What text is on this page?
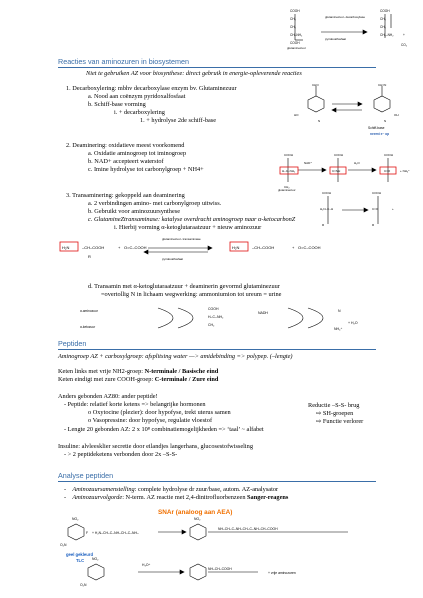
COOH
CH₂
CH₂
CH–NH₂
COOH
COOH
CH₂
CH₂
CH₂–NH₂	+
CO₂
glutaminezuur- decarboxylase
pyridoxalfosfaat
glutaminezuur
Reacties van aminozuren in biosystemen
Niet te gebruiken AZ voor biosynthese: direct gebruik in energie-opleverende reacties
1. Decarboxylering: mbhv decarboxylase enzym bv. Glutaminezuur
a. Nood aan coënzym pyridoxalfosfaat
b. Schiff-base vorming
i. + decarboxylering
1. + hydrolyse 2de schiff-base
CHO	CH=N
HO	OH
N	N
Schiff-base
neemt e⁻ op
2. Deaminering: oxidatieve meest voorkomend
a. Oxidatie aminogroep tot iminogroep
b. NAD+ accepteert waterstof
c. Imine hydrolyse tot carbonylgroep + NH4+
COOH
H–C–NH₂
CH₂
COOH
C=NH
COOH
C=O
NAD⁺	H₂O
+ NH₄⁺
glutaminezuur
3. Transaminering: gekoppeld aan deaminering
a. 2 verbindingen amino- met carbonylgroep uitwiss.
b. Gebruikt voor aminozuursynthese
c. GlutamineZtransaminase: katalyse overdracht aminogroep naar α-ketocarbonZ
i. Hierbij vorming α-ketoglutaraatzuur + nieuw aminozuur
COOH
H₂N–C–H
R
COOH
C=O
R
+
H₂N	–CH–COOH
R
+ O=C–COOH	H₂N	–CH–COOH	+ O=C–COOH
glutaminezuur- transaminase
pyridoxalfosfaat
d. Transamin met α-ketoglutaraatzuur + deaminerin gevormd glutaminezuur
=overtollig N in lichaam wegwerking: ammoniumion tot ureum = urine
COOH
H–C–NH₂
CH₂
NADH	N
+ H₂O
NH₄⁺
α-aminozuur
α-ketozuur
Peptiden
Aminogroep AZ + carboxylgroep: afsplitsing water —> amidebinding => polypep. (–lengte)
Keten links met vrije NH2-groep: N-terminale / Basische eind
Keten eindigt met zure COOH-groep: C-terminale / Zure eind
Anders gebonden AZ80: ander peptide!
- Peptide: relatief korte ketens => belangrijke hormonen
o Oxytocine (plezier): door hypofyse, trekt uterus samen
o Vasopressine: door hypofyse, regulatie vloestof
- Lengte 20 gebonden AZ: 2 x 10⁸ combinatiemogelijkheden => ‘taal’ ~ alfabet
Reductie –S-S- brug
⇨ SH-groepen
⇨ Functie verlorer
Insuline: alvleesklier secretie door eilandjes langerhans, glucosestofwisseling
- > 2 peptideketens verbonden door 2x –S-S-
Analyse peptiden
-    Aminozuursamenstelling: complete hydrolyse dr zuur/base, autom. AZ-analysator
-    Aminozuurvolgorde: N-term. AZ reactie met 2,4-dinitrofluorbenzeen Sanger-reagens
SNAr (analoog aan AEA)
NO₂
O₂N
F + H₂N–CH–C–NH–CH–C–NH–
NO₂
NH–CH–C–NH–CH–C–NH–CH–COOH
H₃O⁺
NO₂
O₂N
NH–CH–COOH
+ vrije aminozuren
geel gekleurd
TLC
